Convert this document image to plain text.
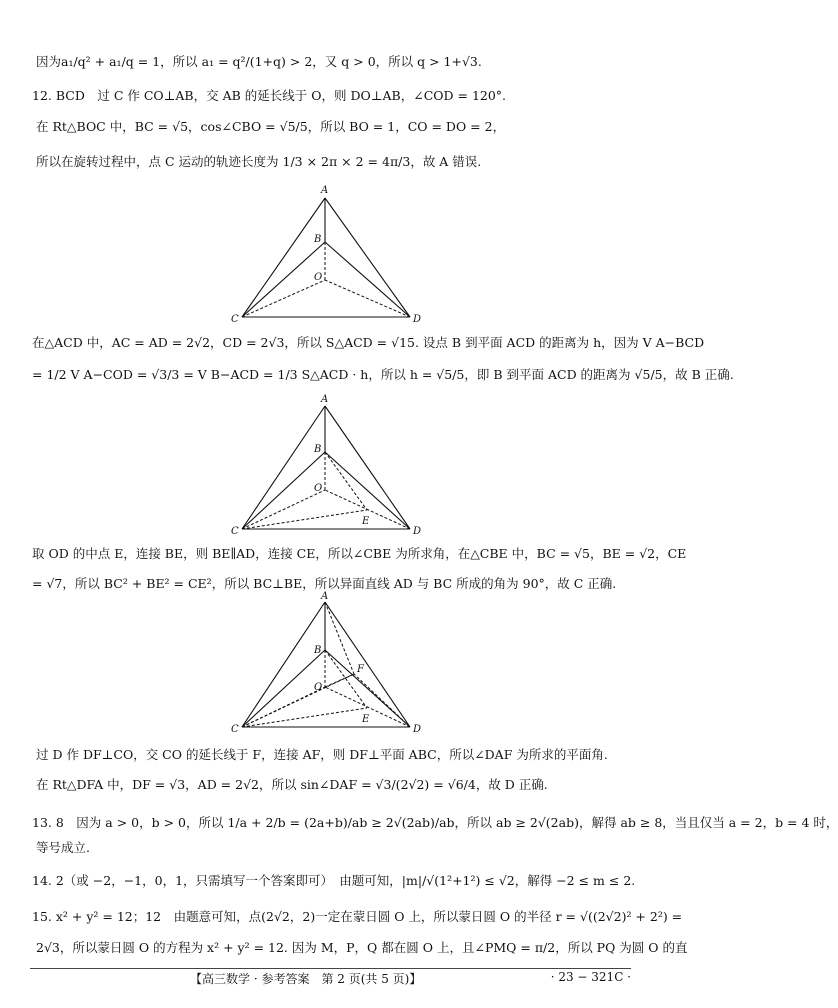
因为a₁/q² + a₁/q = 1，所以 a₁ = q²/(1+q) > 2，又 q > 0，所以 q > 1+√3.
12. BCD　过 C 作 CO⊥AB，交 AB 的延长线于 O，则 DO⊥AB，∠COD = 120°.
在 Rt△BOC 中，BC = √5，cos∠CBO = √5/5，所以 BO = 1，CO = DO = 2，
所以在旋转过程中，点 C 运动的轨迹长度为 1/3 × 2π × 2 = 4π/3，故 A 错误.
A
B
O
C	D
在△ACD 中，AC = AD = 2√2，CD = 2√3，所以 S△ACD = √15. 设点 B 到平面 ACD 的距离为 h，因为 V A−BCD
= 1/2 V A−COD = √3/3 = V B−ACD = 1/3 S△ACD · h，所以 h = √5/5，即 B 到平面 ACD 的距离为 √5/5，故 B 正确.
A
B
O
E
C	D
取 OD 的中点 E，连接 BE，则 BE∥AD，连接 CE，所以∠CBE 为所求角，在△CBE 中，BC = √5，BE = √2，CE
= √7，所以 BC² + BE² = CE²，所以 BC⊥BE，所以异面直线 AD 与 BC 所成的角为 90°，故 C 正确.
A
B
F
O
E
C	D
过 D 作 DF⊥CO，交 CO 的延长线于 F，连接 AF，则 DF⊥平面 ABC，所以∠DAF 为所求的平面角.
在 Rt△DFA 中，DF = √3，AD = 2√2，所以 sin∠DAF = √3/(2√2) = √6/4，故 D 正确.
13. 8　因为 a > 0，b > 0，所以 1/a + 2/b = (2a+b)/ab ≥ 2√(2ab)/ab，所以 ab ≥ 2√(2ab)，解得 ab ≥ 8，当且仅当 a = 2，b = 4 时，
等号成立.
14. 2（或 −2，−1，0，1，只需填写一个答案即可）　由题可知，|m|/√(1²+1²) ≤ √2，解得 −2 ≤ m ≤ 2.
15. x² + y² = 12；12　由题意可知，点(2√2，2)一定在蒙日圆 O 上，所以蒙日圆 O 的半径 r = √((2√2)² + 2²) =
2√3，所以蒙日圆 O 的方程为 x² + y² = 12. 因为 M，P，Q 都在圆 O 上，且∠PMQ = π/2，所以 PQ 为圆 O 的直
【高三数学 · 参考答案　第 2 页(共 5 页)】	· 23 − 321C ·
